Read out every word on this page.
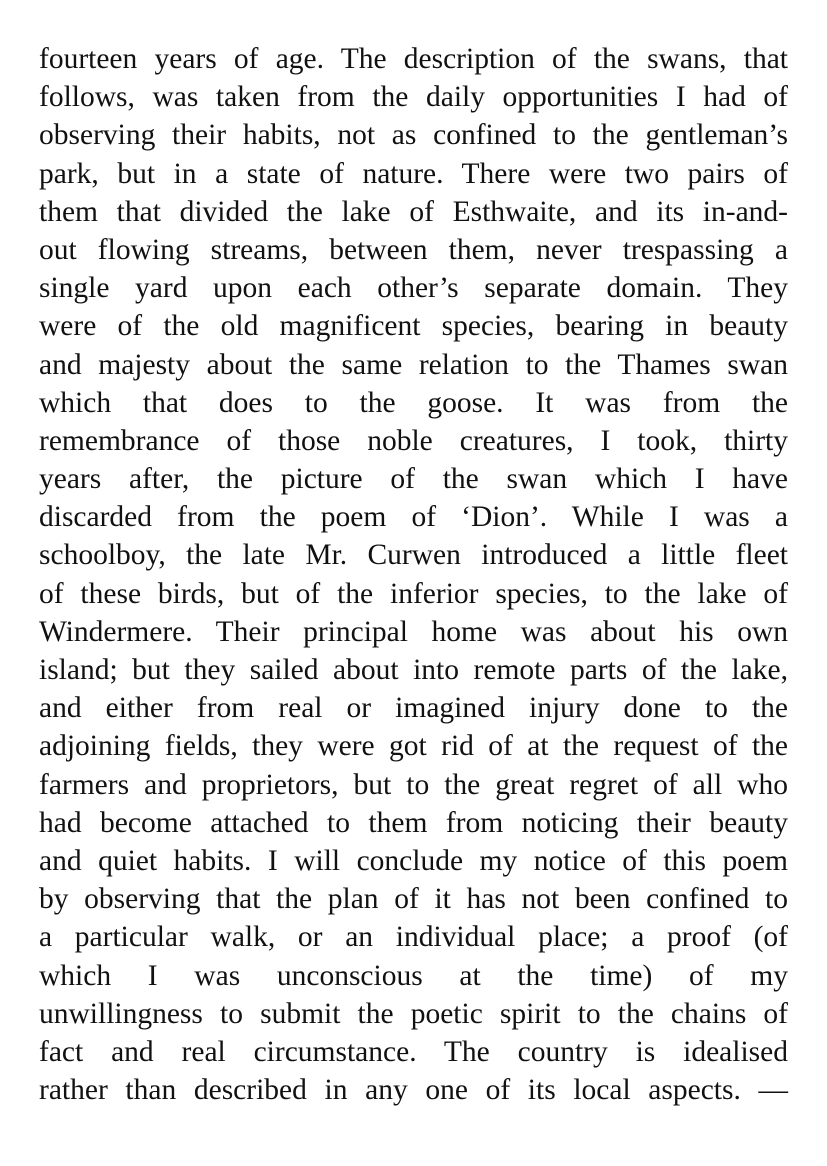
fourteen years of age. The description of the swans, that
follows, was taken from the daily opportunities I had of
observing their habits, not as confined to the gentleman’s
park, but in a state of nature. There were two pairs of
them that divided the lake of Esthwaite, and its in-and-
out flowing streams, between them, never trespassing a
single yard upon each other’s separate domain. They
were of the old magnificent species, bearing in beauty
and majesty about the same relation to the Thames swan
which that does to the goose. It was from the
remembrance of those noble creatures, I took, thirty
years after, the picture of the swan which I have
discarded from the poem of ‘Dion’. While I was a
schoolboy, the late Mr. Curwen introduced a little fleet
of these birds, but of the inferior species, to the lake of
Windermere. Their principal home was about his own
island; but they sailed about into remote parts of the lake,
and either from real or imagined injury done to the
adjoining fields, they were got rid of at the request of the
farmers and proprietors, but to the great regret of all who
had become attached to them from noticing their beauty
and quiet habits. I will conclude my notice of this poem
by observing that the plan of it has not been confined to
a particular walk, or an individual place; a proof (of
which I was unconscious at the time) of my
unwillingness to submit the poetic spirit to the chains of
fact and real circumstance. The country is idealised
rather than described in any one of its local aspects. —
